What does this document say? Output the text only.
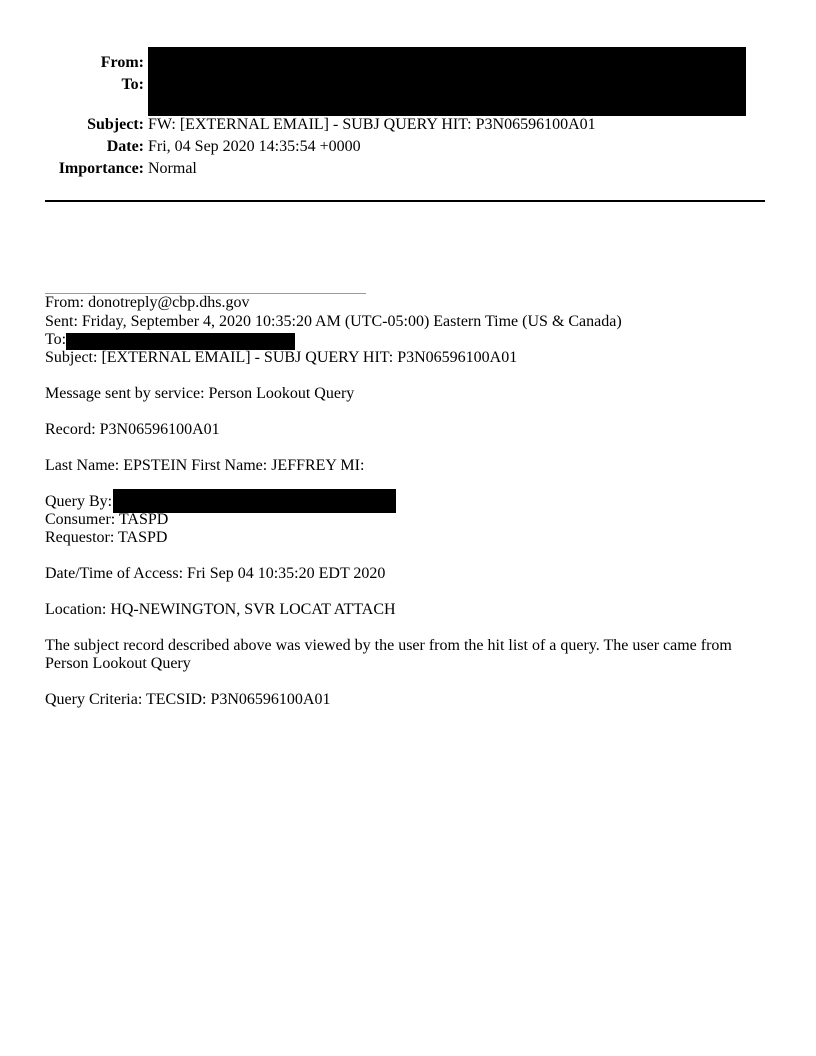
From:
To:
Subject: FW: [EXTERNAL EMAIL] - SUBJ QUERY HIT: P3N06596100A01
Date: Fri, 04 Sep 2020 14:35:54 +0000
Importance: Normal
From: donotreply@cbp.dhs.gov
Sent: Friday, September 4, 2020 10:35:20 AM (UTC-05:00) Eastern Time (US & Canada)
To:
Subject: [EXTERNAL EMAIL] - SUBJ QUERY HIT: P3N06596100A01
Message sent by service: Person Lookout Query
Record: P3N06596100A01
Last Name: EPSTEIN First Name: JEFFREY MI:
Query By:
Consumer: TASPD
Requestor: TASPD
Date/Time of Access: Fri Sep 04 10:35:20 EDT 2020
Location: HQ-NEWINGTON, SVR LOCAT ATTACH
The subject record described above was viewed by the user from the hit list of a query. The user came from Person Lookout Query
Query Criteria: TECSID: P3N06596100A01
